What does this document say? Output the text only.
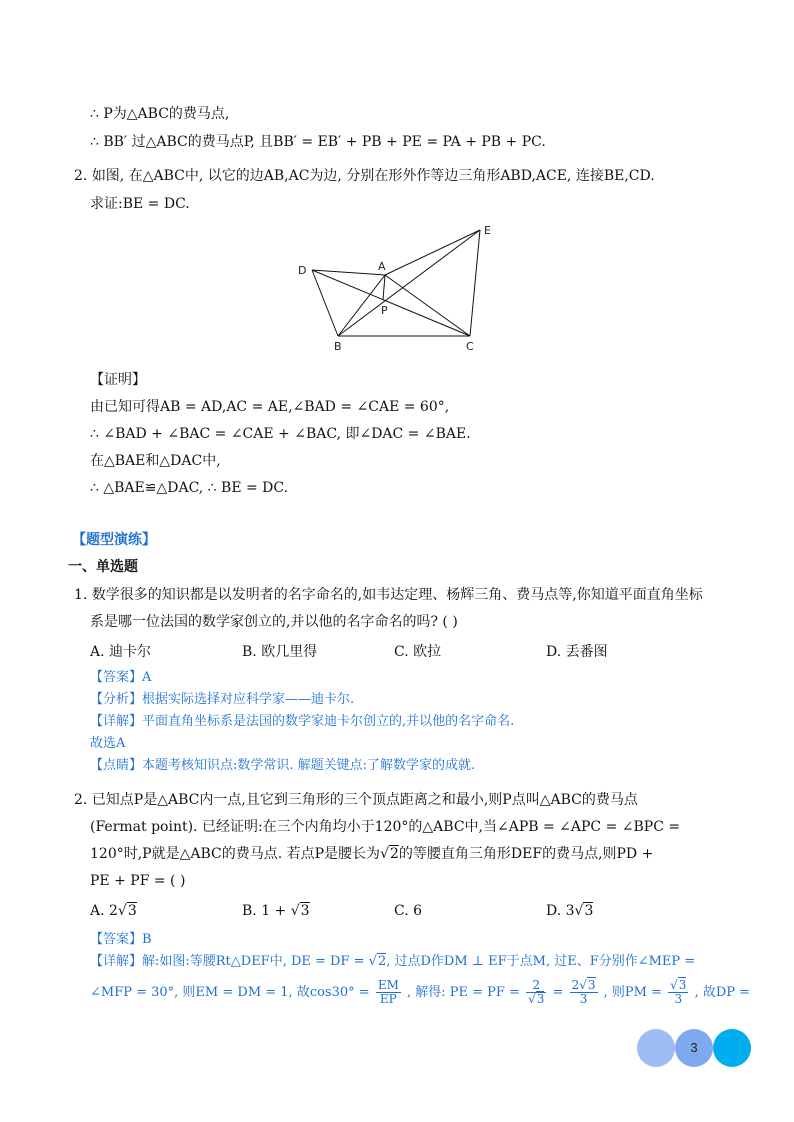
∴ P为△ABC的费马点,
∴ BB′ 过△ABC的费马点P, 且BB′ = EB′ + PB + PE = PA + PB + PC.
2. 如图, 在△ABC中, 以它的边AB,AC为边, 分别在形外作等边三角形ABD,ACE, 连接BE,CD.
求证:BE = DC.
D	A
E
P
B	C
【证明】
由已知可得AB = AD,AC = AE,∠BAD = ∠CAE = 60°,
∴ ∠BAD + ∠BAC = ∠CAE + ∠BAC, 即∠DAC = ∠BAE.
在△BAE和△DAC中,
∴ △BAE≌△DAC, ∴ BE = DC.
【题型演练】
一、单选题
1. 数学很多的知识都是以发明者的名字命名的,如韦达定理、杨辉三角、费马点等,你知道平面直角坐标
系是哪一位法国的数学家创立的,并以他的名字命名的吗? ( )
A. 迪卡尔	B. 欧几里得	C. 欧拉	D. 丢番图
【答案】A
【分析】根据实际选择对应科学家——迪卡尔.
【详解】平面直角坐标系是法国的数学家迪卡尔创立的,并以他的名字命名.
故选A
【点睛】本题考核知识点:数学常识. 解题关键点:了解数学家的成就.
2. 已知点P是△ABC内一点,且它到三角形的三个顶点距离之和最小,则P点叫△ABC的费马点
(Fermat point). 已经证明:在三个内角均小于120°的△ABC中,当∠APB = ∠APC = ∠BPC =
120°时,P就是△ABC的费马点. 若点P是腰长为√2的等腰直角三角形DEF的费马点,则PD +
PE + PF = ( )
A. 2√3	B. 1 + √3	C. 6	D. 3√3
【答案】B
【详解】解:如图:等腰Rt△DEF中, DE = DF = √2, 过点D作DM ⊥ EF于点M, 过E、F分别作∠MEP =
∠MFP = 30°, 则EM = DM = 1, 故$\cos 30^\circ = \frac{EM}{EP}$ , 解得: PE = PF = $\frac{2}{√3} = \frac{2√3}{3}$ , 则PM = $\frac{√3}{3}$ , 故DP =
3
